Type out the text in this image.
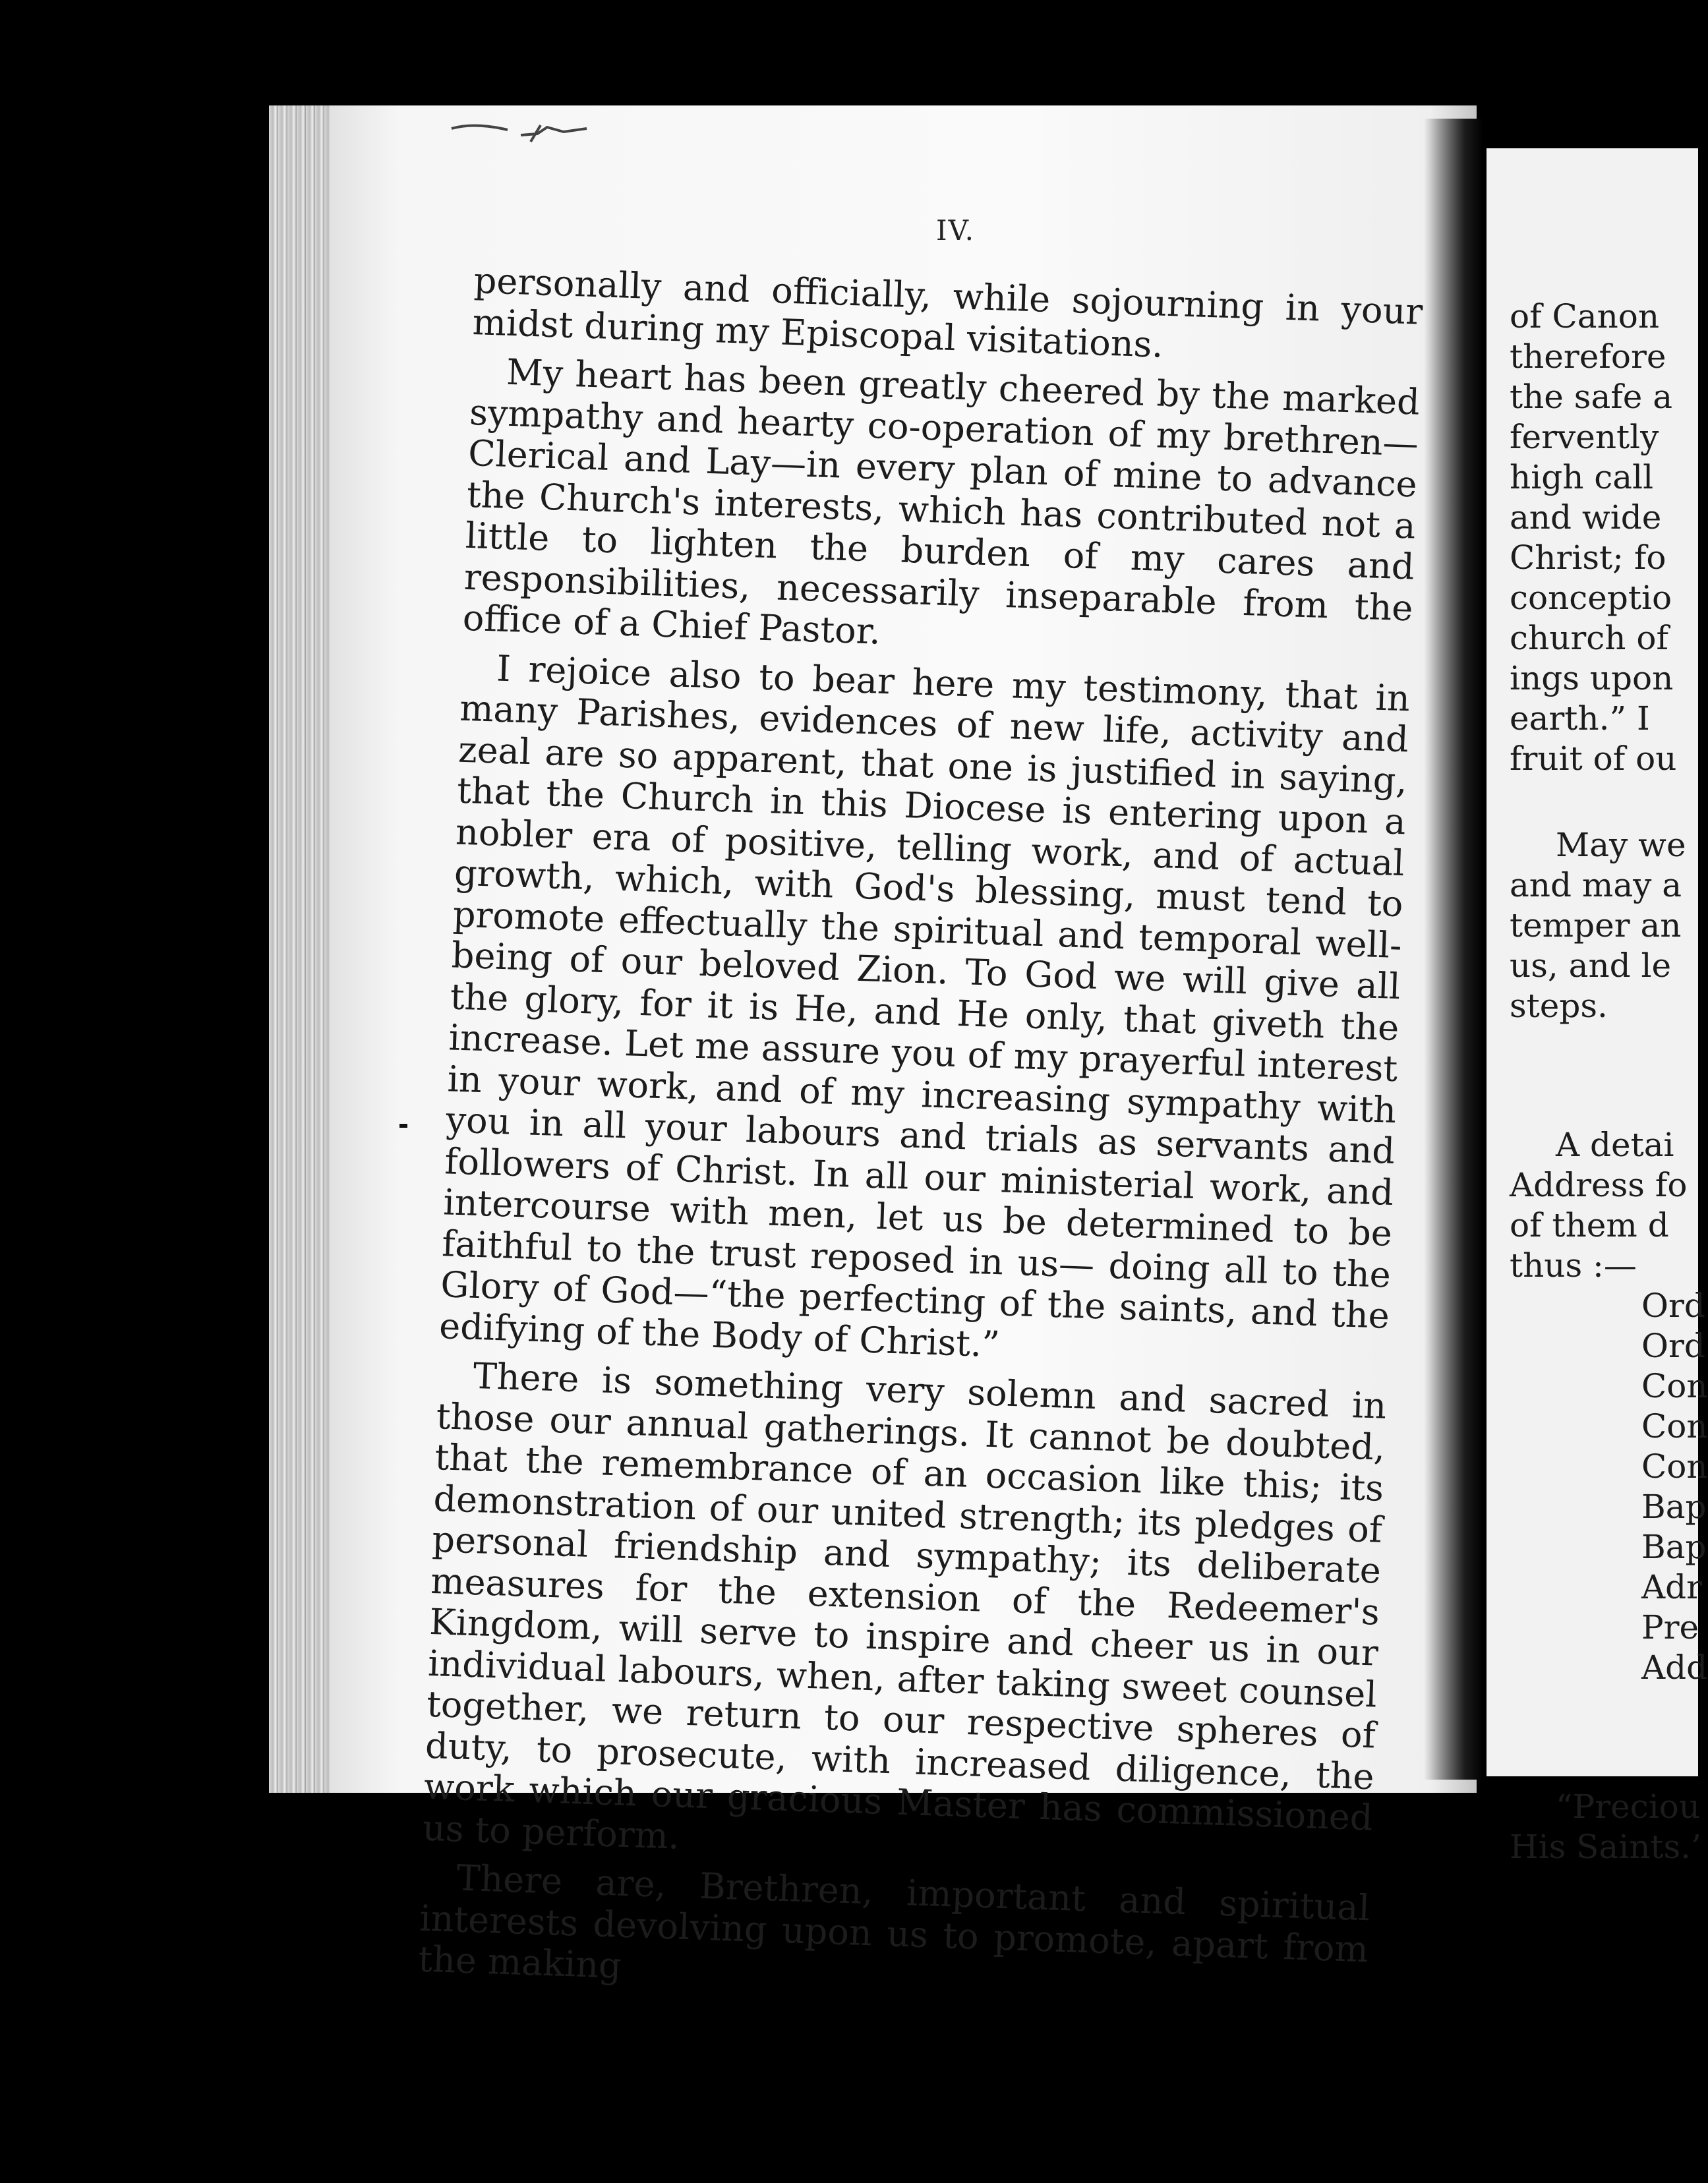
IV.

personally and officially, while sojourning in your midst during my Episcopal visitations.

My heart has been greatly cheered by the marked sympathy and hearty co-operation of my brethren— Clerical and Lay—in every plan of mine to advance the Church's interests, which has contributed not a little to lighten the burden of my cares and responsibilities, necessarily inseparable from the office of a Chief Pastor.

I rejoice also to bear here my testimony, that in many Parishes, evidences of new life, activity and zeal are so apparent, that one is justified in saying, that the Church in this Diocese is entering upon a nobler era of positive, telling work, and of actual growth, which, with God's blessing, must tend to promote effectually the spiritual and temporal well-being of our beloved Zion. To God we will give all the glory, for it is He, and He only, that giveth the increase. Let me assure you of my prayerful interest in your work, and of my increasing sympathy with you in all your labours and trials as servants and followers of Christ. In all our ministerial work, and intercourse with men, let us be determined to be faithful to the trust reposed in us— doing all to the Glory of God—“the perfecting of the saints, and the edifying of the Body of Christ.”

There is something very solemn and sacred in those our annual gatherings. It cannot be doubted, that the remembrance of an occasion like this; its demonstration of our united strength; its pledges of personal friendship and sympathy; its deliberate measures for the extension of the Redeemer's Kingdom, will serve to inspire and cheer us in our individual labours, when, after taking sweet counsel together, we return to our respective spheres of duty, to prosecute, with increased diligence, the work which our gracious Master has commissioned us to perform.

There are, Brethren, important and spiritual interests devolving upon us to promote, apart from the making

of Canon
therefore
the safe a
fervently
high call
and wide
Christ; fo
conceptio
church of
ings upon
earth.” I
fruit of ou
May we
and may a
temper an
us, and le
steps.
A detai
Address fo
of them d
thus :—
Ord
Ord
Con
Con
Con
Bap
Bap
Adr
Pre
Add
“Preciou
His Saints.’
